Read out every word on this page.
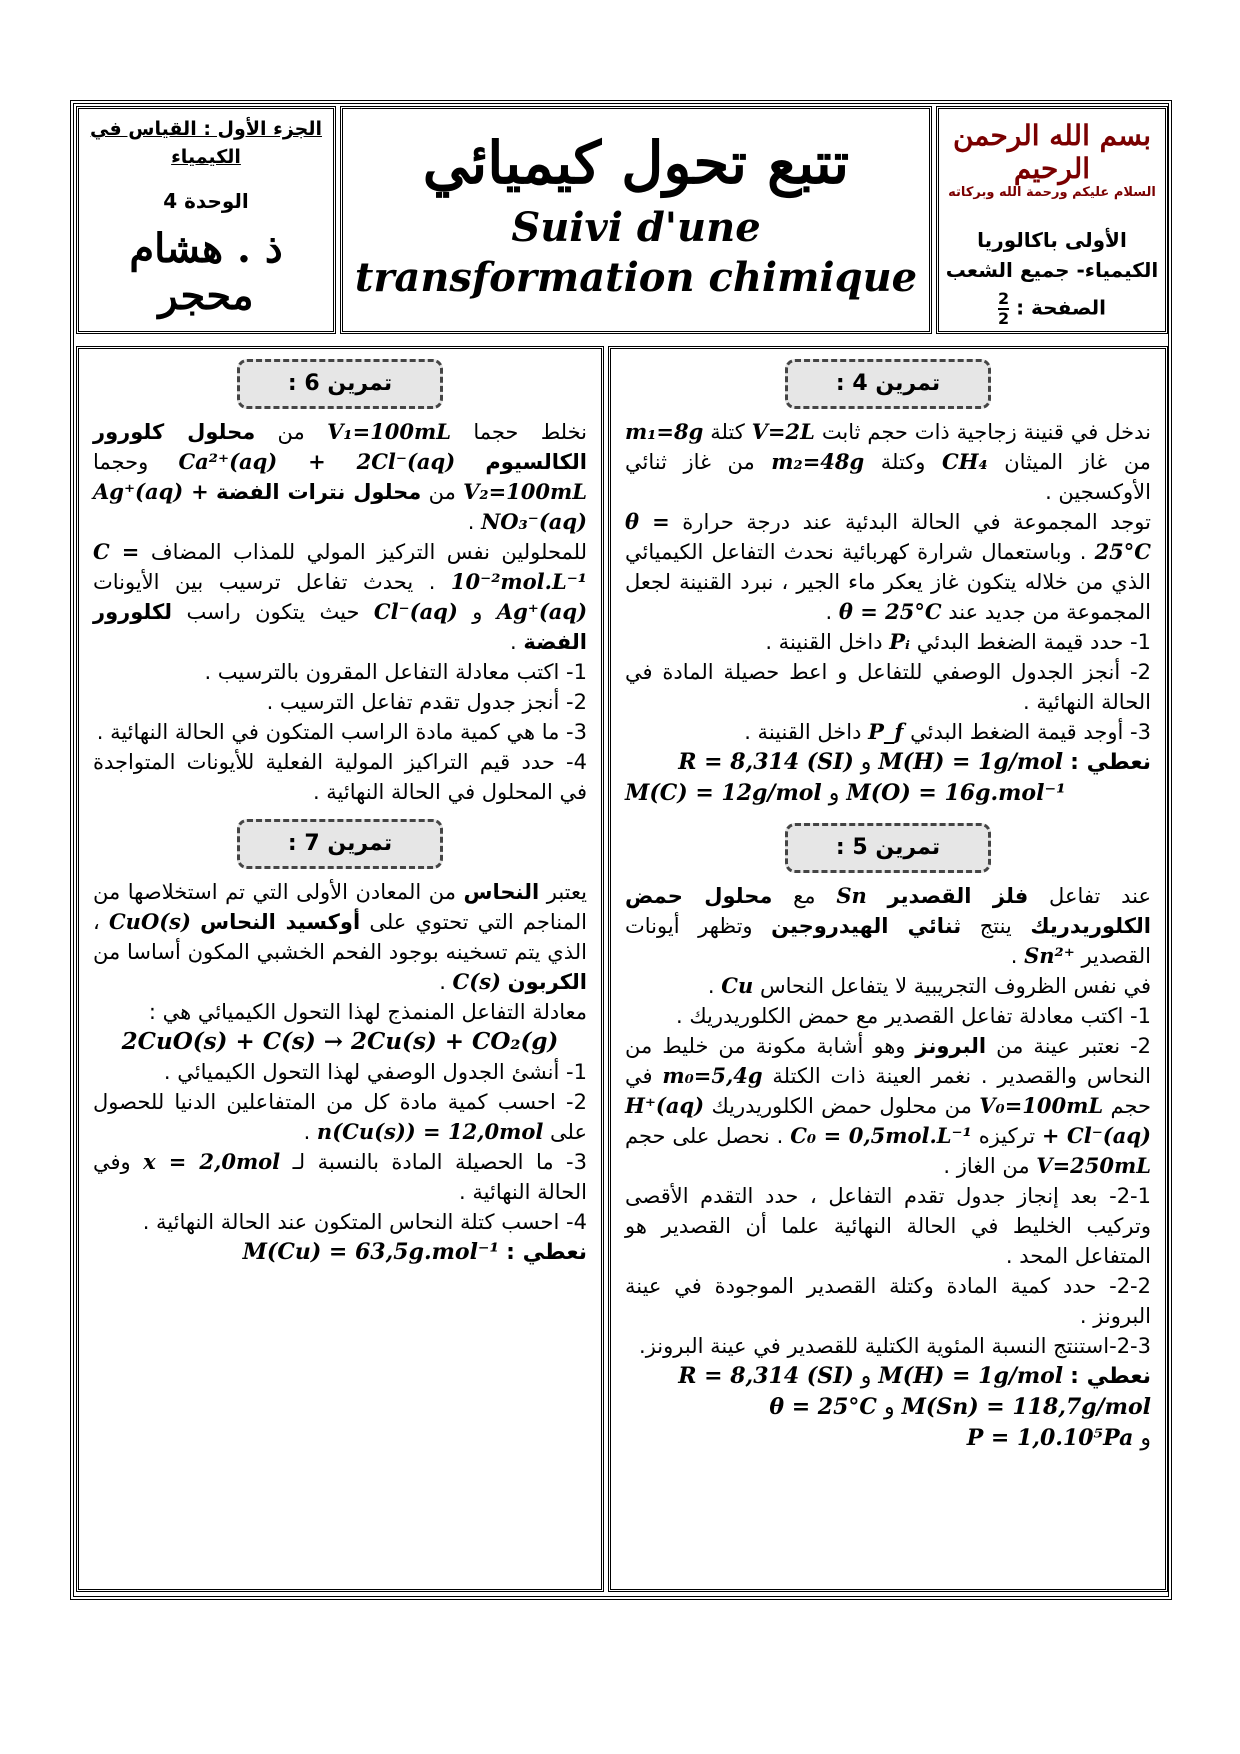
بسم الله الرحمن الرحيم
السلام عليكم ورحمة الله وبركاته
الأولى باكالوريا
الكيمياء- جميع الشعب
الصفحة :
$\frac{2}{2}$
تتبع تحول كيميائي
Suivi d'une transformation chimique
الجزء الأول : القياس في الكيمياء
الوحدة 4
ذ . هشام محجر
تمرين 4 :

ندخل في قنينة زجاجية ذات حجم ثابت V=2L كتلة m₁=8g من غاز الميثان CH₄ وكتلة m₂=48g من غاز ثنائي الأوكسجين .

توجد المجموعة في الحالة البدئية عند درجة حرارة θ = 25°C . وباستعمال شرارة كهربائية نحدث التفاعل الكيميائي الذي من خلاله يتكون غاز يعكر ماء الجير ، نبرد القنينة لجعل المجموعة من جديد عند θ = 25°C .

1- حدد قيمة الضغط البدئي Pᵢ داخل القنينة .

2- أنجز الجدول الوصفي للتفاعل و اعط حصيلة المادة في الحالة النهائية .

3- أوجد قيمة الضغط البدئي P_f داخل القنينة .

نعطي : M(H) = 1g/mol و R = 8,314 (SI)

M(O) = 16g.mol⁻¹ و M(C) = 12g/mol

تمرين 5 :

عند تفاعل فلز القصدير Sn مع محلول حمض الكلوريدريك ينتج ثنائي الهيدروجين وتظهر أيونات القصدير Sn²⁺ .

في نفس الظروف التجريبية لا يتفاعل النحاس Cu .

1- اكتب معادلة تفاعل القصدير مع حمض الكلوريدريك .

2- نعتبر عينة من البرونز وهو أشابة مكونة من خليط من النحاس والقصدير . نغمر العينة ذات الكتلة m₀=5,4g في حجم V₀=100mL من محلول حمض الكلوريدريك H⁺(aq) + Cl⁻(aq) تركيزه C₀ = 0,5mol.L⁻¹ . نحصل على حجم V=250mL من الغاز .

2-1- بعد إنجاز جدول تقدم التفاعل ، حدد التقدم الأقصى وتركيب الخليط في الحالة النهائية علما أن القصدير هو المتفاعل المحد .

2-2- حدد كمية المادة وكتلة القصدير الموجودة في عينة البرونز .

2-3-استنتج النسبة المئوية الكتلية للقصدير في عينة البرونز.

نعطي : M(H) = 1g/mol و R = 8,314 (SI)

M(Sn) = 118,7g/mol و θ = 25°C

و P = 1,0.10⁵Pa

تمرين 6 :

نخلط حجما V₁=100mL من محلول كلورور الكالسيوم Ca²⁺(aq) + 2Cl⁻(aq) وحجما V₂=100mL من محلول نترات الفضة Ag⁺(aq) + NO₃⁻(aq) .

للمحلولين نفس التركيز المولي للمذاب المضاف C = 10⁻²mol.L⁻¹ . يحدث تفاعل ترسيب بين الأيونات Ag⁺(aq) و Cl⁻(aq) حيث يتكون راسب لكلورور الفضة .

1- اكتب معادلة التفاعل المقرون بالترسيب .

2- أنجز جدول تقدم تفاعل الترسيب .

3- ما هي كمية مادة الراسب المتكون في الحالة النهائية .

4- حدد قيم التراكيز المولية الفعلية للأيونات المتواجدة في المحلول في الحالة النهائية .

تمرين 7 :

يعتبر النحاس من المعادن الأولى التي تم استخلاصها من المناجم التي تحتوي على أوكسيد النحاس CuO(s) ، الذي يتم تسخينه بوجود الفحم الخشبي المكون أساسا من الكربون C(s) .

معادلة التفاعل المنمذج لهذا التحول الكيميائي هي :

2CuO(s) + C(s) → 2Cu(s) + CO₂(g)

1- أنشئ الجدول الوصفي لهذا التحول الكيميائي .

2- احسب كمية مادة كل من المتفاعلين الدنيا للحصول على n(Cu(s)) = 12,0mol .

3- ما الحصيلة المادة بالنسبة لـ x = 2,0mol وفي الحالة النهائية .

4- احسب كتلة النحاس المتكون عند الحالة النهائية .

نعطي : M(Cu) = 63,5g.mol⁻¹
